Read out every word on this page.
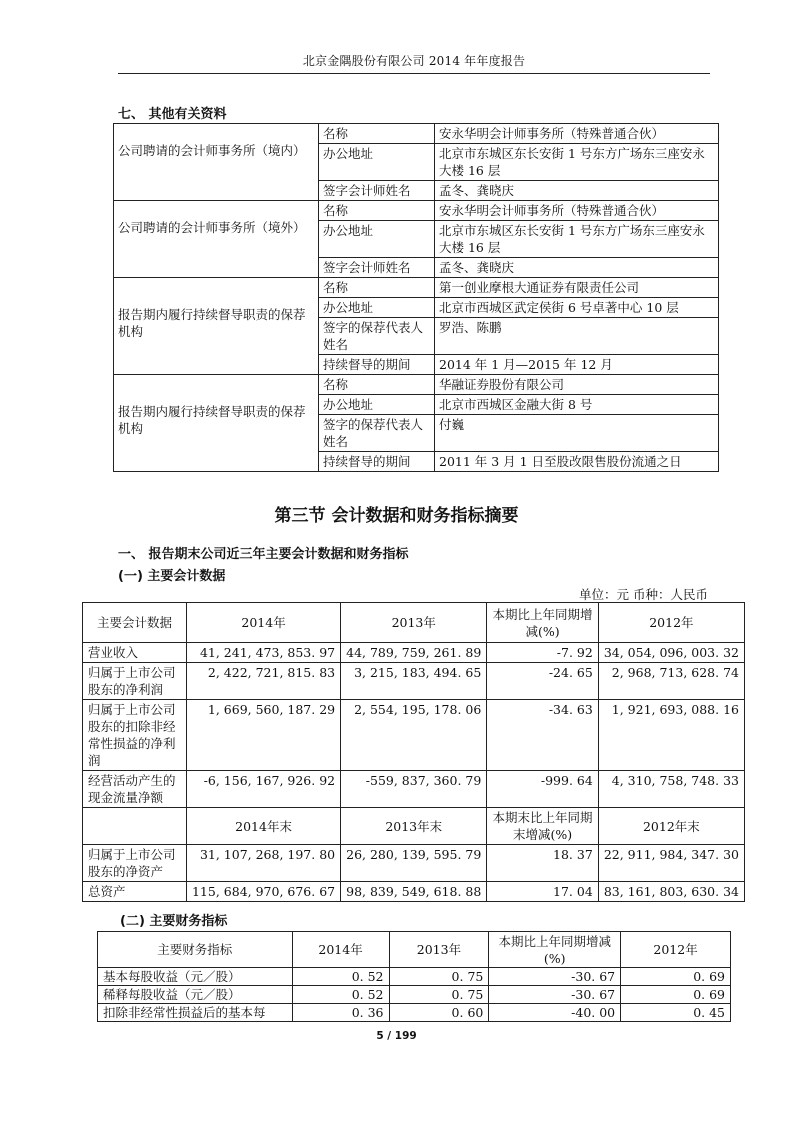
北京金隅股份有限公司 2014 年年度报告
七、 其他有关资料
公司聘请的会计师事务所（境内）	名称	安永华明会计师事务所（特殊普通合伙）
	办公地址	北京市东城区东长安街 1 号东方广场东三座安永大楼 16 层
	签字会计师姓名	孟冬、龚晓庆
公司聘请的会计师事务所（境外）	名称	安永华明会计师事务所（特殊普通合伙）
	办公地址	北京市东城区东长安街 1 号东方广场东三座安永大楼 16 层
	签字会计师姓名	孟冬、龚晓庆
报告期内履行持续督导职责的保荐机构	名称	第一创业摩根大通证券有限责任公司
	办公地址	北京市西城区武定侯街 6 号卓著中心 10 层
	签字的保荐代表人姓名	罗浩、陈鹏
	持续督导的期间	2014 年 1 月—2015 年 12 月
报告期内履行持续督导职责的保荐机构	名称	华融证券股份有限公司
	办公地址	北京市西城区金融大街 8 号
	签字的保荐代表人姓名	付巍
	持续督导的期间	2011 年 3 月 1 日至股改限售股份流通之日
第三节 会计数据和财务指标摘要
一、 报告期末公司近三年主要会计数据和财务指标
(一) 主要会计数据
单位：元 币种：人民币
主要会计数据	2014年	2013年	本期比上年同期增减(%)	2012年
营业收入	41, 241, 473, 853. 97	44, 789, 759, 261. 89	-7. 92	34, 054, 096, 003. 32
归属于上市公司股东的净利润	2, 422, 721, 815. 83	3, 215, 183, 494. 65	-24. 65	2, 968, 713, 628. 74
归属于上市公司股东的扣除非经常性损益的净利润	1, 669, 560, 187. 29	2, 554, 195, 178. 06	-34. 63	1, 921, 693, 088. 16
经营活动产生的现金流量净额	-6, 156, 167, 926. 92	-559, 837, 360. 79	-999. 64	4, 310, 758, 748. 33
	2014年末	2013年末	本期末比上年同期末增减(%)	2012年末
归属于上市公司股东的净资产	31, 107, 268, 197. 80	26, 280, 139, 595. 79	18. 37	22, 911, 984, 347. 30
总资产	115, 684, 970, 676. 67	98, 839, 549, 618. 88	17. 04	83, 161, 803, 630. 34
(二) 主要财务指标
主要财务指标	2014年	2013年	本期比上年同期增减(%)	2012年
基本每股收益（元／股）	0. 52	0. 75	-30. 67	0. 69
稀释每股收益（元／股）	0. 52	0. 75	-30. 67	0. 69
扣除非经常性损益后的基本每	0. 36	0. 60	-40. 00	0. 45
5 / 199
